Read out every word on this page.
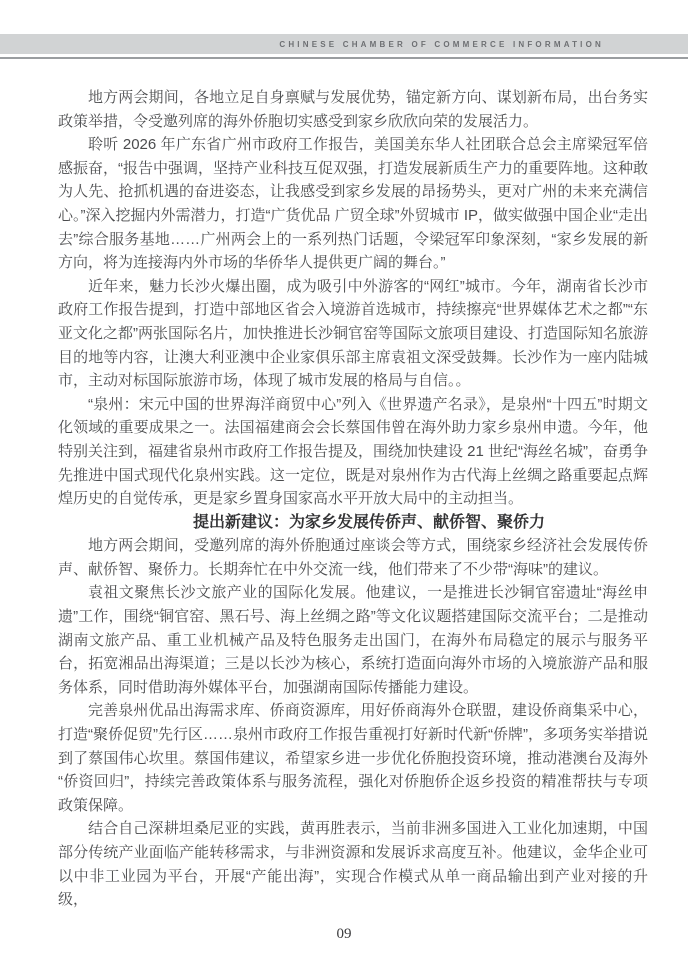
CHINESE CHAMBER OF COMMERCE INFORMATION

地方两会期间，各地立足自身禀赋与发展优势，锚定新方向、谋划新布局，出台务实政策举措，令受邀列席的海外侨胞切实感受到家乡欣欣向荣的发展活力。

聆听 2026 年广东省广州市政府工作报告，美国美东华人社团联合总会主席梁冠军倍感振奋，“报告中强调，坚持产业科技互促双强，打造发展新质生产力的重要阵地。这种敢为人先、抢抓机遇的奋进姿态，让我感受到家乡发展的昂扬势头，更对广州的未来充满信心。”深入挖掘内外需潜力，打造“广货优品 广贸全球”外贸城市 IP，做实做强中国企业“走出去”综合服务基地……广州两会上的一系列热门话题，令梁冠军印象深刻，“家乡发展的新方向，将为连接海内外市场的华侨华人提供更广阔的舞台。”

近年来，魅力长沙火爆出圈，成为吸引中外游客的“网红”城市。今年，湖南省长沙市政府工作报告提到，打造中部地区省会入境游首选城市，持续擦亮“世界媒体艺术之都”“东亚文化之都”两张国际名片，加快推进长沙铜官窑等国际文旅项目建设、打造国际知名旅游目的地等内容，让澳大利亚澳中企业家俱乐部主席袁祖文深受鼓舞。长沙作为一座内陆城市，主动对标国际旅游市场，体现了城市发展的格局与自信。。

“泉州：宋元中国的世界海洋商贸中心”列入《世界遗产名录》，是泉州“十四五”时期文化领域的重要成果之一。法国福建商会会长蔡国伟曾在海外助力家乡泉州申遗。今年，他特别关注到，福建省泉州市政府工作报告提及，围绕加快建设 21 世纪“海丝名城”，奋勇争先推进中国式现代化泉州实践。这一定位，既是对泉州作为古代海上丝绸之路重要起点辉煌历史的自觉传承，更是家乡置身国家高水平开放大局中的主动担当。

提出新建议：为家乡发展传侨声、献侨智、聚侨力

地方两会期间，受邀列席的海外侨胞通过座谈会等方式，围绕家乡经济社会发展传侨声、献侨智、聚侨力。长期奔忙在中外交流一线，他们带来了不少带“海味”的建议。

袁祖文聚焦长沙文旅产业的国际化发展。他建议，一是推进长沙铜官窑遗址“海丝申遗”工作，围绕“铜官窑、黑石号、海上丝绸之路”等文化议题搭建国际交流平台；二是推动湖南文旅产品、重工业机械产品及特色服务走出国门，在海外布局稳定的展示与服务平台，拓宽湘品出海渠道；三是以长沙为核心，系统打造面向海外市场的入境旅游产品和服务体系，同时借助海外媒体平台，加强湖南国际传播能力建设。

完善泉州优品出海需求库、侨商资源库，用好侨商海外仓联盟，建设侨商集采中心，打造“聚侨促贸”先行区……泉州市政府工作报告重视打好新时代新“侨牌”，多项务实举措说到了蔡国伟心坎里。蔡国伟建议，希望家乡进一步优化侨胞投资环境，推动港澳台及海外“侨资回归”，持续完善政策体系与服务流程，强化对侨胞侨企返乡投资的精准帮扶与专项政策保障。

结合自己深耕坦桑尼亚的实践，黄再胜表示，当前非洲多国进入工业化加速期，中国部分传统产业面临产能转移需求，与非洲资源和发展诉求高度互补。他建议，金华企业可以中非工业园为平台，开展“产能出海”，实现合作模式从单一商品输出到产业对接的升级，

09
